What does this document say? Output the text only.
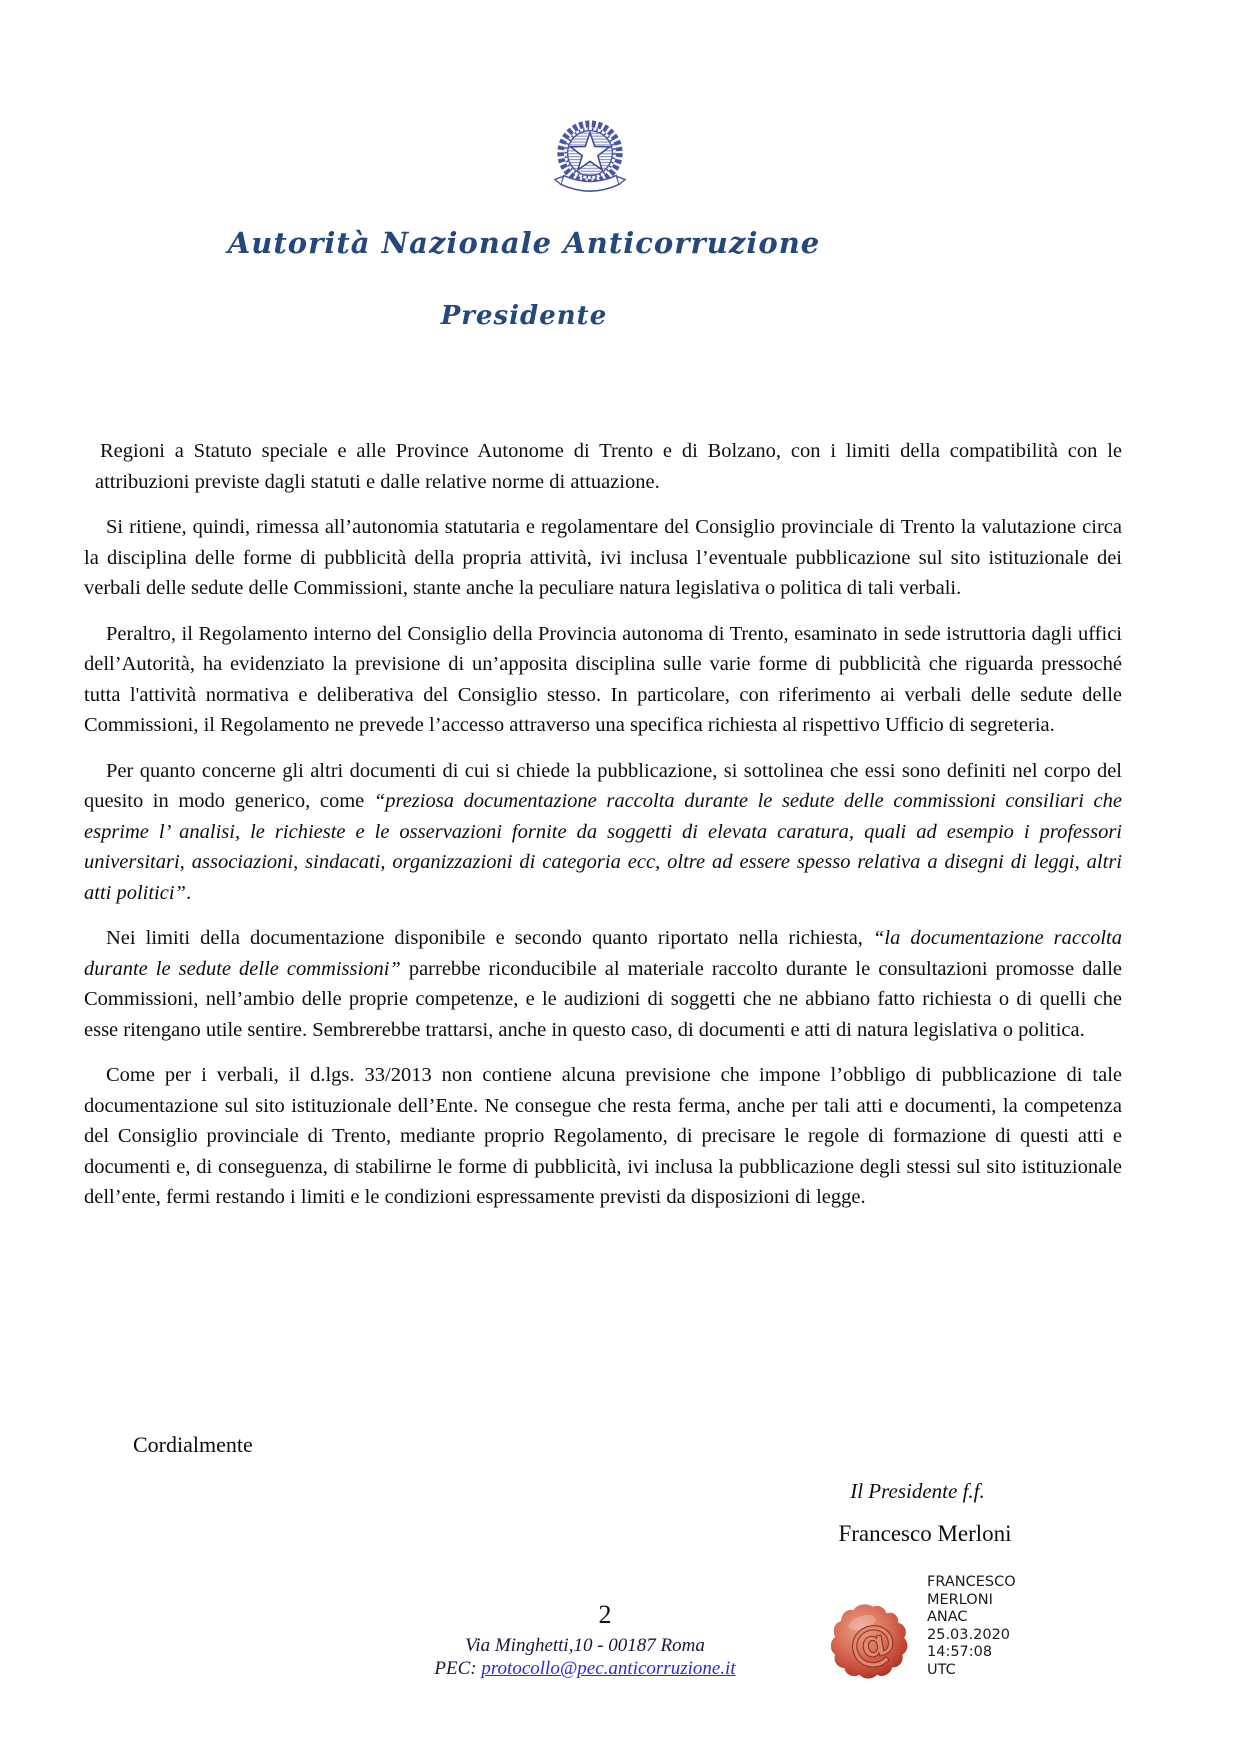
Autorità Nazionale Anticorruzione
Presidente

Regioni a Statuto speciale e alle Province Autonome di Trento e di Bolzano, con i limiti della compatibilità con le attribuzioni previste dagli statuti e dalle relative norme di attuazione.

Si ritiene, quindi, rimessa all’autonomia statutaria e regolamentare del Consiglio provinciale di Trento la valutazione circa la disciplina delle forme di pubblicità della propria attività, ivi inclusa l’eventuale pubblicazione sul sito istituzionale dei verbali delle sedute delle Commissioni, stante anche la peculiare natura legislativa o politica di tali verbali.

Peraltro, il Regolamento interno del Consiglio della Provincia autonoma di Trento, esaminato in sede istruttoria dagli uffici dell’Autorità, ha evidenziato la previsione di un’apposita disciplina sulle varie forme di pubblicità che riguarda pressoché tutta l'attività normativa e deliberativa del Consiglio stesso. In particolare, con riferimento ai verbali delle sedute delle Commissioni, il Regolamento ne prevede l’accesso attraverso una specifica richiesta al rispettivo Ufficio di segreteria.

Per quanto concerne gli altri documenti di cui si chiede la pubblicazione, si sottolinea che essi sono definiti nel corpo del quesito in modo generico, come “preziosa documentazione raccolta durante le sedute delle commissioni consiliari che esprime l’ analisi, le richieste e le osservazioni fornite da soggetti di elevata caratura, quali ad esempio i professori universitari, associazioni, sindacati, organizzazioni di categoria ecc, oltre ad essere spesso relativa a disegni di leggi, altri atti politici”.

Nei limiti della documentazione disponibile e secondo quanto riportato nella richiesta, “la documentazione raccolta durante le sedute delle commissioni” parrebbe riconducibile al materiale raccolto durante le consultazioni promosse dalle Commissioni, nell’ambio delle proprie competenze, e le audizioni di soggetti che ne abbiano fatto richiesta o di quelli che esse ritengano utile sentire. Sembrerebbe trattarsi, anche in questo caso, di documenti e atti di natura legislativa o politica.

Come per i verbali, il d.lgs. 33/2013 non contiene alcuna previsione che impone l’obbligo di pubblicazione di tale documentazione sul sito istituzionale dell’Ente. Ne consegue che resta ferma, anche per tali atti e documenti, la competenza del Consiglio provinciale di Trento, mediante proprio Regolamento, di precisare le regole di formazione di questi atti e documenti e, di conseguenza, di stabilirne le forme di pubblicità, ivi inclusa la pubblicazione degli stessi sul sito istituzionale dell’ente, fermi restando i limiti e le condizioni espressamente previsti da disposizioni di legge.

Cordialmente
Il Presidente f.f.
Francesco Merloni
@
FRANCESCO
MERLONI
ANAC
25.03.2020
14:57:08
UTC
2
Via Minghetti,10 - 00187 Roma
PEC: protocollo@pec.anticorruzione.it
